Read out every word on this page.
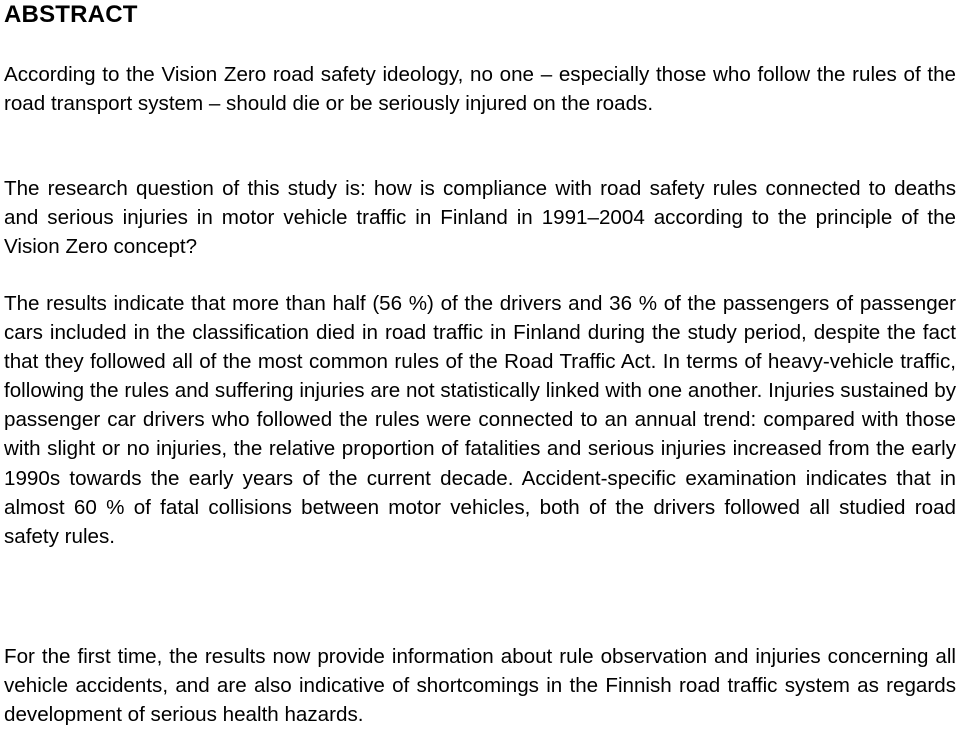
ABSTRACT

According to the Vision Zero road safety ideology, no one – especially those who follow the rules of the road transport system – should die or be seriously injured on the roads.

The research question of this study is: how is compliance with road safety rules connected to deaths and serious injuries in motor vehicle traffic in Finland in 1991–2004 according to the principle of the Vision Zero concept?

The results indicate that more than half (56 %) of the drivers and 36 % of the passengers of passenger cars included in the classification died in road traffic in Finland during the study period, despite the fact that they followed all of the most common rules of the Road Traffic Act. In terms of heavy-vehicle traffic, following the rules and suffering injuries are not statistically linked with one another. Injuries sustained by passenger car drivers who followed the rules were connected to an annual trend: compared with those with slight or no injuries, the relative proportion of fatalities and serious injuries increased from the early 1990s towards the early years of the current decade. Accident-specific examination indicates that in almost 60 % of fatal collisions between motor vehicles, both of the drivers followed all studied road safety rules.

For the first time, the results now provide information about rule observation and injuries concerning all vehicle accidents, and are also indicative of shortcomings in the Finnish road traffic system as regards development of serious health hazards.
